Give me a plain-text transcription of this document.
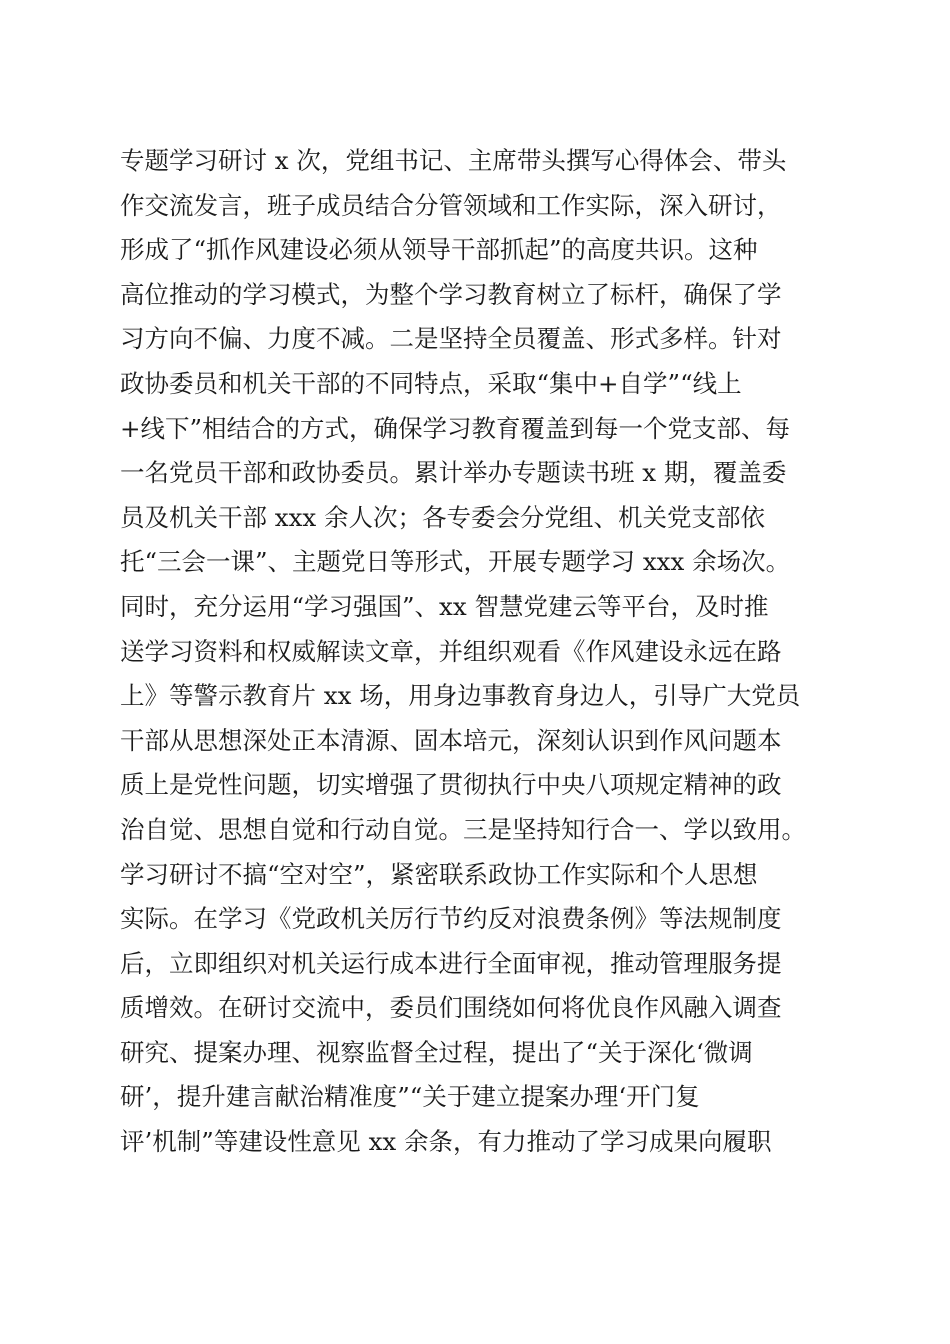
专题学习研讨 x 次，党组书记、主席带头撰写心得体会、带头
作交流发言，班子成员结合分管领域和工作实际，深入研讨，
形成了“抓作风建设必须从领导干部抓起”的高度共识。这种
高位推动的学习模式，为整个学习教育树立了标杆，确保了学
习方向不偏、力度不减。二是坚持全员覆盖、形式多样。针对
政协委员和机关干部的不同特点，采取“集中+自学”“线上
+线下”相结合的方式，确保学习教育覆盖到每一个党支部、每
一名党员干部和政协委员。累计举办专题读书班 x 期，覆盖委
员及机关干部 xxx 余人次；各专委会分党组、机关党支部依
托“三会一课”、主题党日等形式，开展专题学习 xxx 余场次。
同时，充分运用“学习强国”、xx 智慧党建云等平台，及时推
送学习资料和权威解读文章，并组织观看《作风建设永远在路
上》等警示教育片 xx 场，用身边事教育身边人，引导广大党员
干部从思想深处正本清源、固本培元，深刻认识到作风问题本
质上是党性问题，切实增强了贯彻执行中央八项规定精神的政
治自觉、思想自觉和行动自觉。三是坚持知行合一、学以致用。
学习研讨不搞“空对空”，紧密联系政协工作实际和个人思想
实际。在学习《党政机关厉行节约反对浪费条例》等法规制度
后，立即组织对机关运行成本进行全面审视，推动管理服务提
质增效。在研讨交流中，委员们围绕如何将优良作风融入调查
研究、提案办理、视察监督全过程，提出了“关于深化‘微调
研’，提升建言献治精准度”“关于建立提案办理‘开门复
评’机制”等建设性意见 xx 余条，有力推动了学习成果向履职
